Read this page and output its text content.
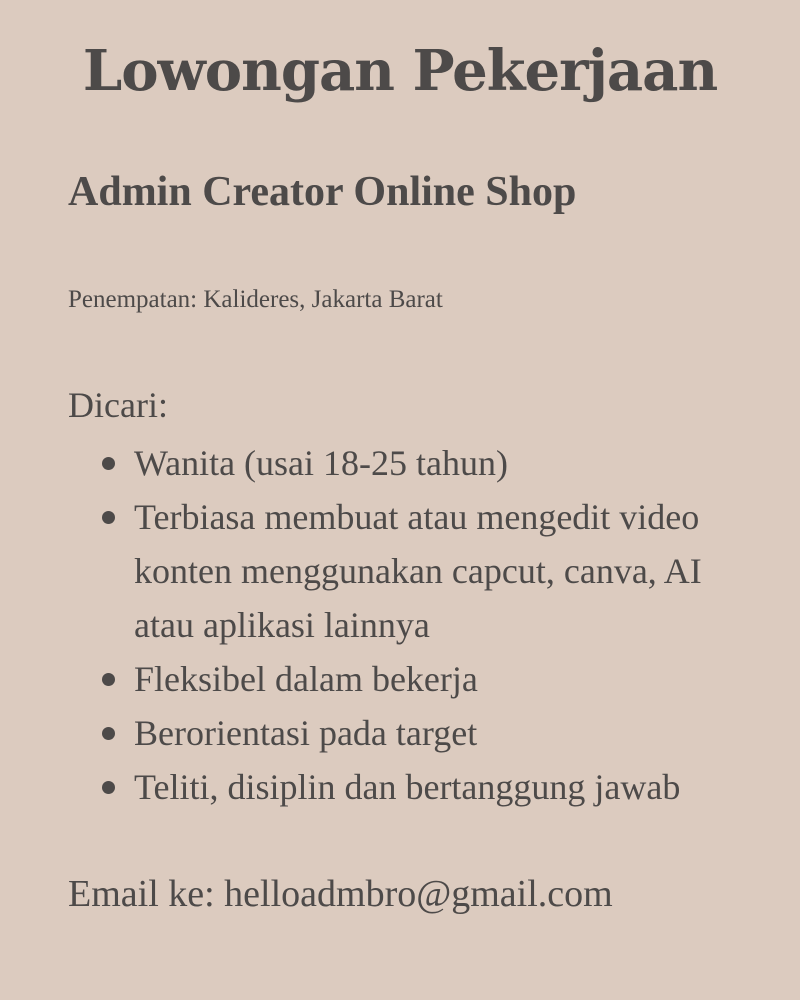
Lowongan Pekerjaan
Admin Creator Online Shop

Penempatan: Kalideres, Jakarta Barat

Dicari:

Wanita (usai 18-25 tahun)
Terbiasa membuat atau mengedit video konten menggunakan capcut, canva, AI atau aplikasi lainnya
Fleksibel dalam bekerja
Berorientasi pada target
Teliti, disiplin dan bertanggung jawab

Email ke: helloadmbro@gmail.com
